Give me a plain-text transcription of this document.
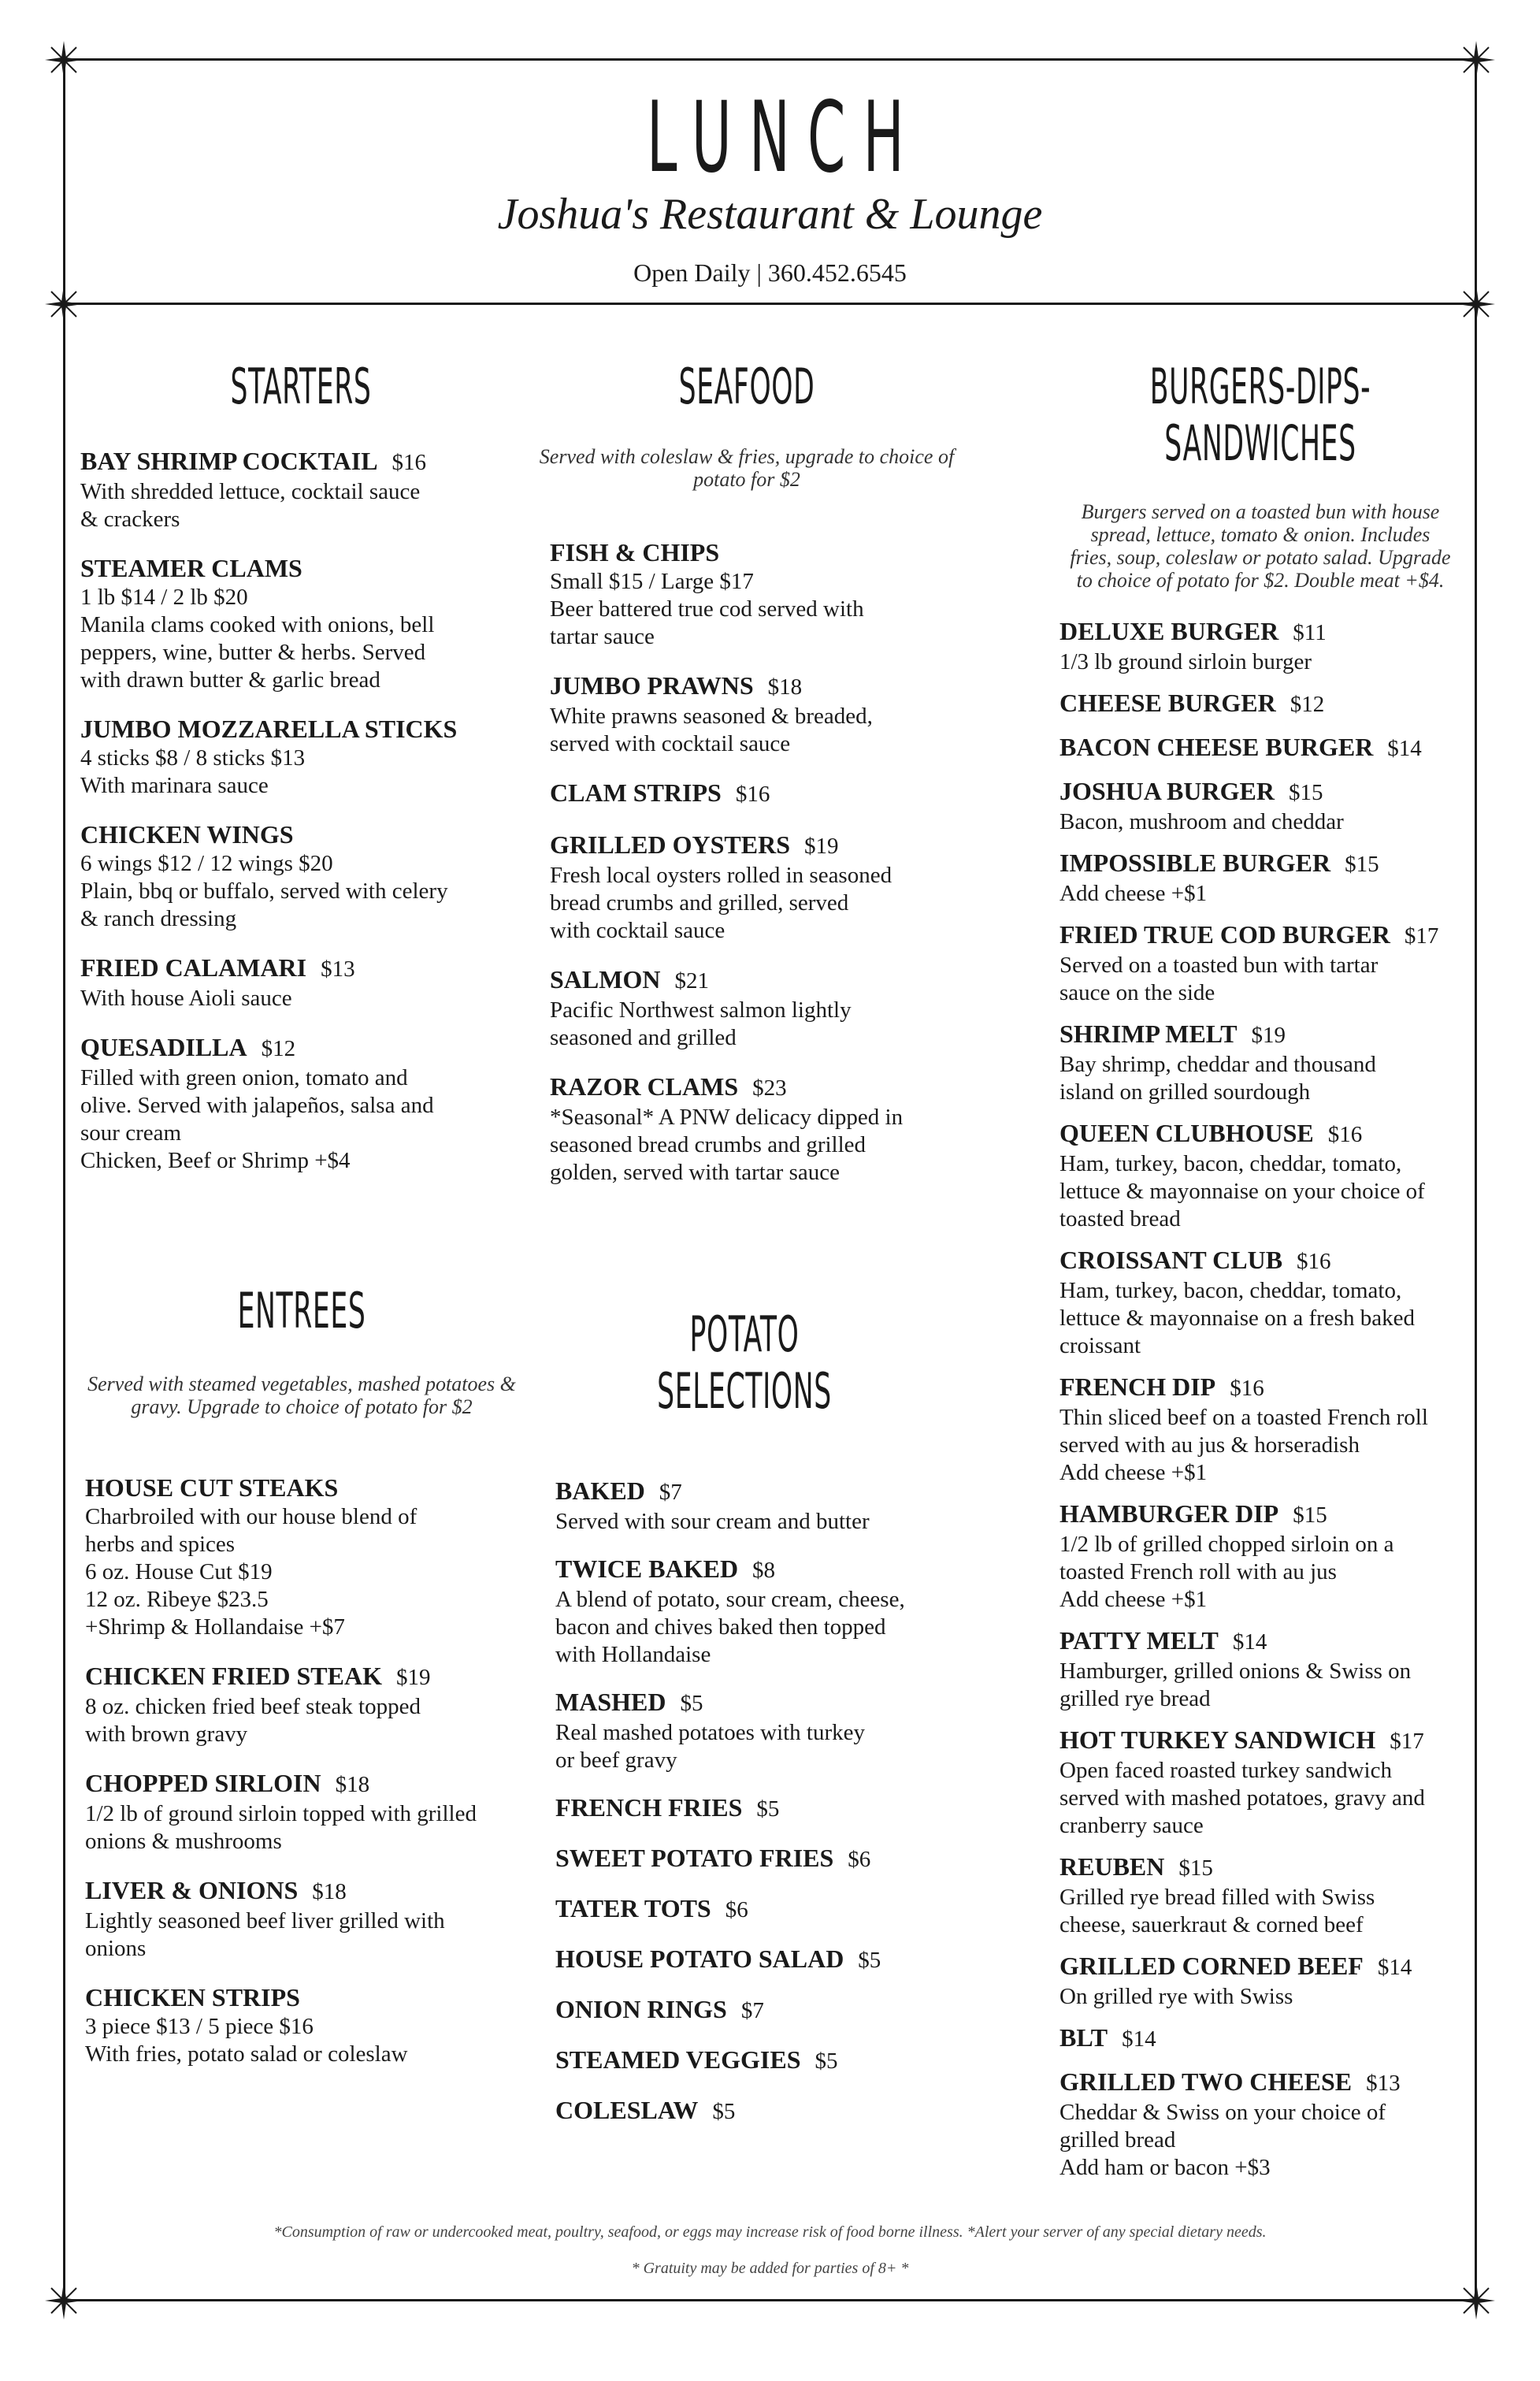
LUNCH
Joshua's Restaurant & Lounge
Open Daily | 360.452.6545
STARTERS
BAY SHRIMP COCKTAIL $16
With shredded lettuce, cocktail sauce
& crackers
STEAMER CLAMS
1 lb $14 / 2 lb $20
Manila clams cooked with onions, bell
peppers, wine, butter & herbs. Served
with drawn butter & garlic bread
JUMBO MOZZARELLA STICKS
4 sticks $8 / 8 sticks $13
With marinara sauce
CHICKEN WINGS
6 wings $12 / 12 wings $20
Plain, bbq or buffalo, served with celery
& ranch dressing
FRIED CALAMARI $13
With house Aioli sauce
QUESADILLA $12
Filled with green onion, tomato and
olive. Served with jalapeños, salsa and
sour cream
Chicken, Beef or Shrimp +$4
ENTREES
Served with steamed vegetables, mashed potatoes & gravy. Upgrade to choice of potato for $2
HOUSE CUT STEAKS
Charbroiled with our house blend of
herbs and spices
6 oz. House Cut $19
12 oz. Ribeye $23.5
+Shrimp & Hollandaise +$7
CHICKEN FRIED STEAK $19
8 oz. chicken fried beef steak topped
with brown gravy
CHOPPED SIRLOIN $18
1/2 lb of ground sirloin topped with grilled
onions & mushrooms
LIVER & ONIONS $18
Lightly seasoned beef liver grilled with
onions
CHICKEN STRIPS
3 piece $13 / 5 piece $16
With fries, potato salad or coleslaw
SEAFOOD
Served with coleslaw & fries, upgrade to choice of potato for $2
FISH & CHIPS
Small $15 / Large $17
Beer battered true cod served with
tartar sauce
JUMBO PRAWNS $18
White prawns seasoned & breaded,
served with cocktail sauce
CLAM STRIPS $16
GRILLED OYSTERS $19
Fresh local oysters rolled in seasoned
bread crumbs and grilled, served
with cocktail sauce
SALMON $21
Pacific Northwest salmon lightly
seasoned and grilled
RAZOR CLAMS $23
*Seasonal* A PNW delicacy dipped in
seasoned bread crumbs and grilled
golden, served with tartar sauce
POTATO SELECTIONS
BAKED $7
Served with sour cream and butter
TWICE BAKED $8
A blend of potato, sour cream, cheese,
bacon and chives baked then topped
with Hollandaise
MASHED $5
Real mashed potatoes with turkey
or beef gravy
FRENCH FRIES $5
SWEET POTATO FRIES $6
TATER TOTS $6
HOUSE POTATO SALAD $5
ONION RINGS $7
STEAMED VEGGIES $5
COLESLAW $5
BURGERS-DIPS-SANDWICHES
Burgers served on a toasted bun with house spread, lettuce, tomato & onion. Includes fries, soup, coleslaw or potato salad. Upgrade to choice of potato for $2. Double meat +$4.
DELUXE BURGER $11
1/3 lb ground sirloin burger
CHEESE BURGER $12
BACON CHEESE BURGER $14
JOSHUA BURGER $15
Bacon, mushroom and cheddar
IMPOSSIBLE BURGER $15
Add cheese +$1
FRIED TRUE COD BURGER $17
Served on a toasted bun with tartar
sauce on the side
SHRIMP MELT $19
Bay shrimp, cheddar and thousand
island on grilled sourdough
QUEEN CLUBHOUSE $16
Ham, turkey, bacon, cheddar, tomato,
lettuce & mayonnaise on your choice of
toasted bread
CROISSANT CLUB $16
Ham, turkey, bacon, cheddar, tomato,
lettuce & mayonnaise on a fresh baked
croissant
FRENCH DIP $16
Thin sliced beef on a toasted French roll
served with au jus & horseradish
Add cheese +$1
HAMBURGER DIP $15
1/2 lb of grilled chopped sirloin on a
toasted French roll with au jus
Add cheese +$1
PATTY MELT $14
Hamburger, grilled onions & Swiss on
grilled rye bread
HOT TURKEY SANDWICH $17
Open faced roasted turkey sandwich
served with mashed potatoes, gravy and
cranberry sauce
REUBEN $15
Grilled rye bread filled with Swiss
cheese, sauerkraut & corned beef
GRILLED CORNED BEEF $14
On grilled rye with Swiss
BLT $14
GRILLED TWO CHEESE $13
Cheddar & Swiss on your choice of
grilled bread
Add ham or bacon +$3
*Consumption of raw or undercooked meat, poultry, seafood, or eggs may increase risk of food borne illness. *Alert your server of any special dietary needs.
* Gratuity may be added for parties of 8+ *
